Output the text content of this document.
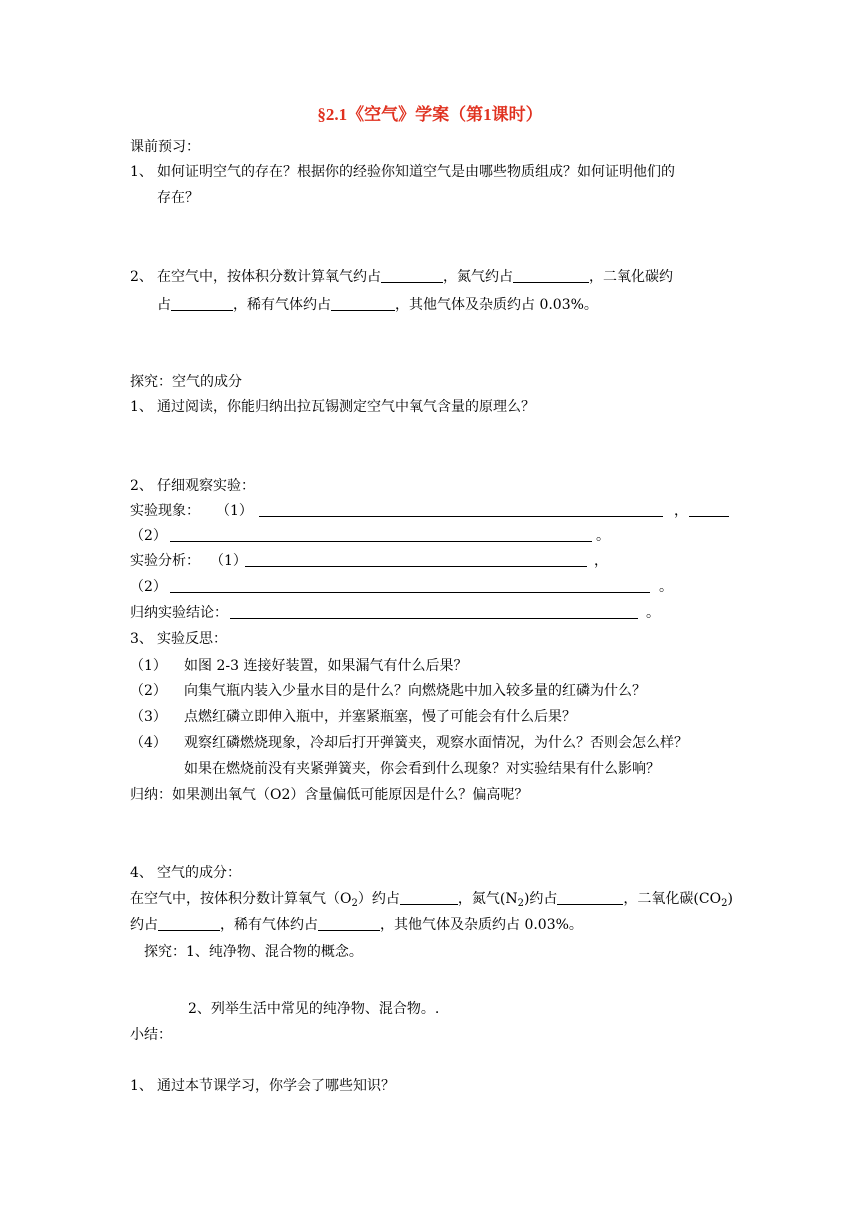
§2.1《空气》学案（第1课时）
课前预习：
1、 如何证明空气的存在？根据你的经验你知道空气是由哪些物质组成？如何证明他们的
存在？
2、 在空气中，按体积分数计算氧气约占	，氮气约占	，二氧化碳约
占	，稀有气体约占	，其他气体及杂质约占 0.03%。
探究：空气的成分
1、 通过阅读，你能归纳出拉瓦锡测定空气中氧气含量的原理么？
2、 仔细观察实验：
实验现象： （1）	，
（2）	。
实验分析： （1）	，
（2）	。
归纳实验结论：	。
3、 实验反思：
（1） 如图 2-3 连接好装置，如果漏气有什么后果？
（2） 向集气瓶内装入少量水目的是什么？向燃烧匙中加入较多量的红磷为什么？
（3） 点燃红磷立即伸入瓶中，并塞紧瓶塞，慢了可能会有什么后果？
（4） 观察红磷燃烧现象，冷却后打开弹簧夹，观察水面情况，为什么？否则会怎么样？
如果在燃烧前没有夹紧弹簧夹，你会看到什么现象？对实验结果有什么影响？
归纳：如果测出氧气（O2）含量偏低可能原因是什么？偏高呢？
4、 空气的成分：
在空气中，按体积分数计算氧气$(O_2)$约占	，氮气$(N_2)$约占	，二氧化碳$(CO_2)$
约占	，稀有气体约占	，其他气体及杂质约占 0.03%。
探究：1、纯净物、混合物的概念。
2、列举生活中常见的纯净物、混合物。.
小结：
1、 通过本节课学习，你学会了哪些知识？
